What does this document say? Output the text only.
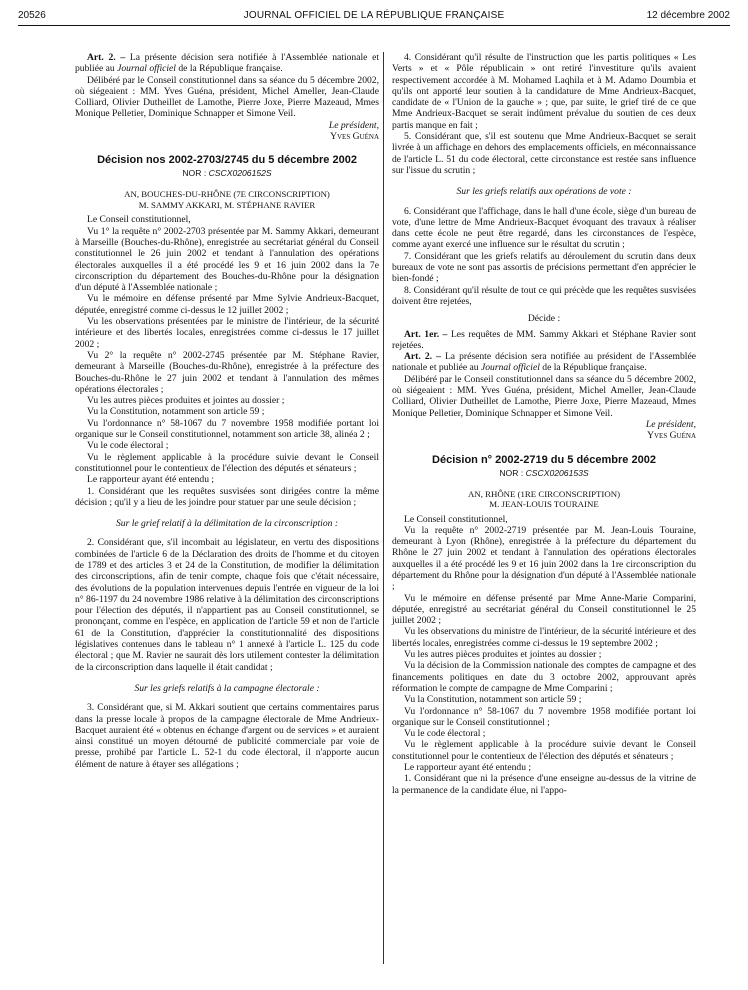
20526	JOURNAL OFFICIEL DE LA RÉPUBLIQUE FRANÇAISE	12 décembre 2002

Art. 2. – La présente décision sera notifiée à l'Assemblée nationale et publiée au Journal officiel de la République française.

Délibéré par le Conseil constitutionnel dans sa séance du 5 décembre 2002, où siégeaient : MM. Yves Guéna, président, Michel Ameller, Jean-Claude Colliard, Olivier Dutheillet de Lamothe, Pierre Joxe, Pierre Mazeaud, Mmes Monique Pelletier, Dominique Schnapper et Simone Veil.

Le président,
Yves Guéna
Décision nos 2002-2703/2745 du 5 décembre 2002
NOR : CSCX0206152S
AN, BOUCHES-DU-RHÔNE (7E CIRCONSCRIPTION)
M. SAMMY AKKARI, M. STÉPHANE RAVIER

Le Conseil constitutionnel,

Vu 1° la requête n° 2002-2703 présentée par M. Sammy Akkari, demeurant à Marseille (Bouches-du-Rhône), enregistrée au secrétariat général du Conseil constitutionnel le 26 juin 2002 et tendant à l'annulation des opérations électorales auxquelles il a été procédé les 9 et 16 juin 2002 dans la 7e circonscription du département des Bouches-du-Rhône pour la désignation d'un député à l'Assemblée nationale ;

Vu le mémoire en défense présenté par Mme Sylvie Andrieux-Bacquet, députée, enregistré comme ci-dessus le 12 juillet 2002 ;

Vu les observations présentées par le ministre de l'intérieur, de la sécurité intérieure et des libertés locales, enregistrées comme ci-dessus le 17 juillet 2002 ;

Vu 2° la requête n° 2002-2745 présentée par M. Stéphane Ravier, demeurant à Marseille (Bouches-du-Rhône), enregistrée à la préfecture des Bouches-du-Rhône le 27 juin 2002 et tendant à l'annulation des mêmes opérations électorales ;

Vu les autres pièces produites et jointes au dossier ;

Vu la Constitution, notamment son article 59 ;

Vu l'ordonnance n° 58-1067 du 7 novembre 1958 modifiée portant loi organique sur le Conseil constitutionnel, notamment son article 38, alinéa 2 ;

Vu le code électoral ;

Vu le règlement applicable à la procédure suivie devant le Conseil constitutionnel pour le contentieux de l'élection des députés et sénateurs ;

Le rapporteur ayant été entendu ;

1. Considérant que les requêtes susvisées sont dirigées contre la même décision ; qu'il y a lieu de les joindre pour statuer par une seule décision ;

Sur le grief relatif à la délimitation de la circonscription :

2. Considérant que, s'il incombait au législateur, en vertu des dispositions combinées de l'article 6 de la Déclaration des droits de l'homme et du citoyen de 1789 et des articles 3 et 24 de la Constitution, de modifier la délimitation des circonscriptions, afin de tenir compte, chaque fois que c'était nécessaire, des évolutions de la population intervenues depuis l'entrée en vigueur de la loi n° 86-1197 du 24 novembre 1986 relative à la délimitation des circonscriptions pour l'élection des députés, il n'appartient pas au Conseil constitutionnel, se prononçant, comme en l'espèce, en application de l'article 59 et non de l'article 61 de la Constitution, d'apprécier la constitutionnalité des dispositions législatives contenues dans le tableau n° 1 annexé à l'article L. 125 du code électoral ; que M. Ravier ne saurait dès lors utilement contester la délimitation de la circonscription dans laquelle il était candidat ;

Sur les griefs relatifs à la campagne électorale :

3. Considérant que, si M. Akkari soutient que certains commentaires parus dans la presse locale à propos de la campagne électorale de Mme Andrieux-Bacquet auraient été « obtenus en échange d'argent ou de services » et auraient ainsi constitué un moyen détourné de publicité commerciale par voie de presse, prohibé par l'article L. 52-1 du code électoral, il n'apporte aucun élément de nature à étayer ses allégations ;

4. Considérant qu'il résulte de l'instruction que les partis politiques « Les Verts » et « Pôle républicain » ont retiré l'investiture qu'ils avaient respectivement accordée à M. Mohamed Laqhila et à M. Adamo Doumbia et qu'ils ont apporté leur soutien à la candidature de Mme Andrieux-Bacquet, candidate de « l'Union de la gauche » ; que, par suite, le grief tiré de ce que Mme Andrieux-Bacquet se serait indûment prévalue du soutien de ces deux partis manque en fait ;

5. Considérant que, s'il est soutenu que Mme Andrieux-Bacquet se serait livrée à un affichage en dehors des emplacements officiels, en méconnaissance de l'article L. 51 du code électoral, cette circonstance est restée sans influence sur l'issue du scrutin ;

Sur les griefs relatifs aux opérations de vote :

6. Considérant que l'affichage, dans le hall d'une école, siège d'un bureau de vote, d'une lettre de Mme Andrieux-Bacquet évoquant des travaux à réaliser dans cette école ne peut être regardé, dans les circonstances de l'espèce, comme ayant exercé une influence sur le résultat du scrutin ;

7. Considérant que les griefs relatifs au déroulement du scrutin dans deux bureaux de vote ne sont pas assortis de précisions permettant d'en apprécier le bien-fondé ;

8. Considérant qu'il résulte de tout ce qui précède que les requêtes susvisées doivent être rejetées,

Décide :

Art. 1er. – Les requêtes de MM. Sammy Akkari et Stéphane Ravier sont rejetées.

Art. 2. – La présente décision sera notifiée au président de l'Assemblée nationale et publiée au Journal officiel de la République française.

Délibéré par le Conseil constitutionnel dans sa séance du 5 décembre 2002, où siégeaient : MM. Yves Guéna, président, Michel Ameller, Jean-Claude Colliard, Olivier Dutheillet de Lamothe, Pierre Joxe, Pierre Mazeaud, Mmes Monique Pelletier, Dominique Schnapper et Simone Veil.

Le président,
Yves Guéna
Décision n° 2002-2719 du 5 décembre 2002
NOR : CSCX0206153S
AN, RHÔNE (1RE CIRCONSCRIPTION)
M. JEAN-LOUIS TOURAINE

Le Conseil constitutionnel,

Vu la requête n° 2002-2719 présentée par M. Jean-Louis Touraine, demeurant à Lyon (Rhône), enregistrée à la préfecture du département du Rhône le 27 juin 2002 et tendant à l'annulation des opérations électorales auxquelles il a été procédé les 9 et 16 juin 2002 dans la 1re circonscription du département du Rhône pour la désignation d'un député à l'Assemblée nationale ;

Vu le mémoire en défense présenté par Mme Anne-Marie Comparini, députée, enregistré au secrétariat général du Conseil constitutionnel le 25 juillet 2002 ;

Vu les observations du ministre de l'intérieur, de la sécurité intérieure et des libertés locales, enregistrées comme ci-dessus le 19 septembre 2002 ;

Vu les autres pièces produites et jointes au dossier ;

Vu la décision de la Commission nationale des comptes de campagne et des financements politiques en date du 3 octobre 2002, approuvant après réformation le compte de campagne de Mme Comparini ;

Vu la Constitution, notamment son article 59 ;

Vu l'ordonnance n° 58-1067 du 7 novembre 1958 modifiée portant loi organique sur le Conseil constitutionnel ;

Vu le code électoral ;

Vu le règlement applicable à la procédure suivie devant le Conseil constitutionnel pour le contentieux de l'élection des députés et sénateurs ;

Le rapporteur ayant été entendu ;

1. Considérant que ni la présence d'une enseigne au-dessus de la vitrine de la permanence de la candidate élue, ni l'appo-
